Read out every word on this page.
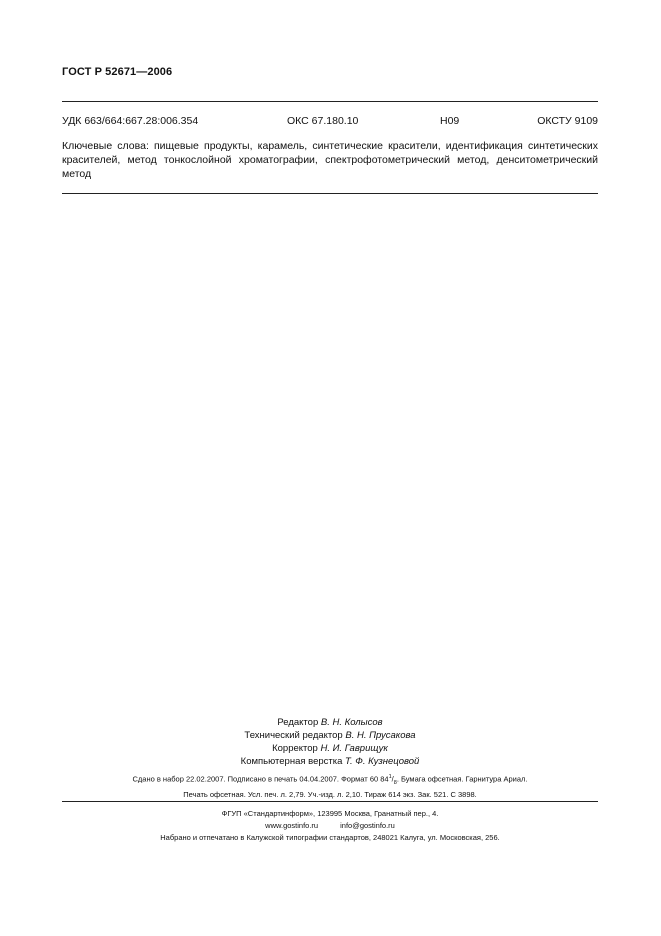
ГОСТ Р 52671—2006
УДК 663/664:667.28:006.354	ОКС 67.180.10	Н09	ОКСТУ 9109
Ключевые слова: пищевые продукты, карамель, синтетические красители, идентификация синтетических красителей, метод тонкослойной хроматографии, спектрофотометрический метод, денситометрический метод
Редактор В. Н. Колысов
Технический редактор В. Н. Прусакова
Корректор Н. И. Гаврищук
Компьютерная верстка Т. Ф. Кузнецовой
Сдано в набор 22.02.2007. Подписано в печать 04.04.2007. Формат 60 $84^1/_8$. Бумага офсетная. Гарнитура Ариал.
Печать офсетная. Усл. печ. л. 2,79. Уч.-изд. л. 2,10. Тираж 614 экз. Зак. 521. С 3898.
ФГУП «Стандартинформ», 123995 Москва, Гранатный пер., 4.
www.gostinfo.ru	info@gostinfo.ru
Набрано и отпечатано в Калужской типографии стандартов, 248021 Калуга, ул. Московская, 256.
